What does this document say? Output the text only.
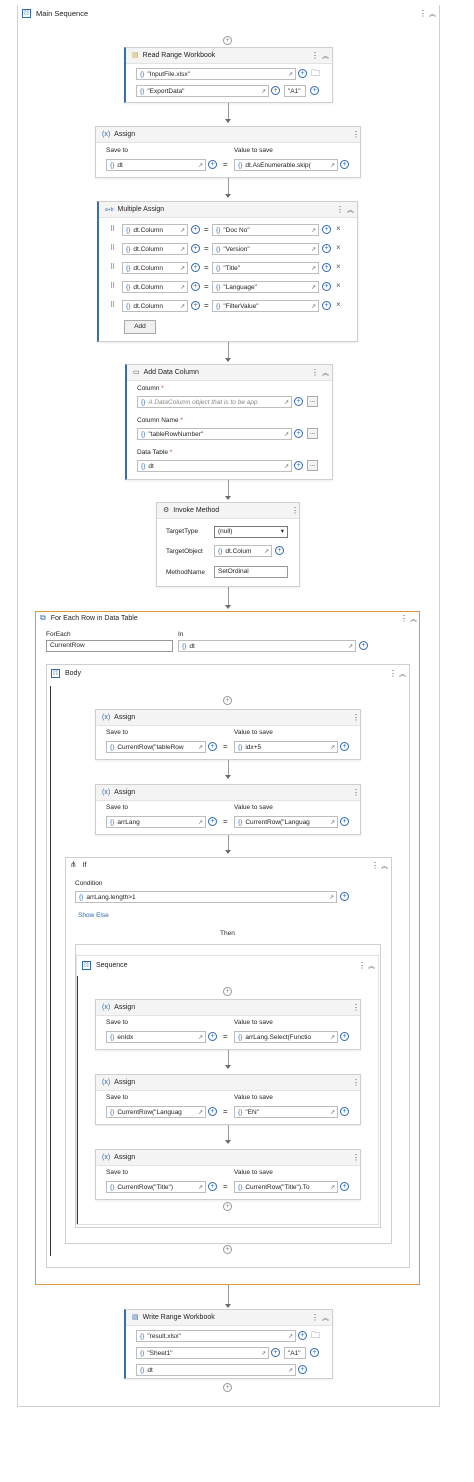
[:] Main Sequence	⋮ ︽
+
▤ Read Range Workbook	⋮ ︽
{} "InputFile.xlsx"	↗	+ 🗀
{} "ExportData"	↗	+	"A1"	+
(x) Assign	⋮
Save to	Value to save
{} dt	↗	+	= {} dt.AsEnumerable.skip(	↗	+
a+b Multiple Assign	⋮ ︽
⠿ {} dt.Column	↗	+ = {} "Doc No"	↗	+ ×
⠿ {} dt.Column	↗	+ = {} "Version"	↗	+ ×
⠿ {} dt.Column	↗	+ = {} "Title"	↗	+ ×
⠿ {} dt.Column	↗	+ = {} "Language"	↗	+ ×
⠿ {} dt.Column	↗	+ = {} "FilterValue"	↗	+ ×
Add
▭ Add Data Column	⋮ ︽
Column *
{} A DataColumn object that is to be app	↗	+	...
Column Name *
{} "tableRowNumber"	↗	+	...
Data Table *
{} dt	↗	+	...
⚙ Invoke Method	⋮
TargetType	(null)	▾
TargetObject {} dt.Colum	↗	+
MethodName	SetOrdinal
⧉ For Each Row in Data Table	⋮ ︽
ForEach
CurrentRow
In
{} dt	↗	+
[:]	Body	⋮ ︽
+
(x) Assign	⋮
Save to	Value to save
{} CurrentRow("tableRow	↗	+	= {} idx+5	↗	+
(x) Assign	⋮
Save to	Value to save
{} arrLang	↗	+	= {} CurrentRow("Languag	↗	+
⋔ If	⋮ ︽
Condition
{} arrLang.length>1	↗	+
Show Else
Then
[:]	Sequence	⋮ ︽
+
(x) Assign	⋮
Save to	Value to save
{} enIdx	↗	+	= {} arrLang.Select(Functio	↗	+
(x) Assign	⋮
Save to	Value to save
{} CurrentRow("Languag	↗	+	= {} "EN"	↗	+
(x) Assign	⋮
Save to	Value to save
{} CurrentRow("Title")	↗	+	= {} CurrentRow("Title").To	↗	+
+
+
▤ Write Range Workbook	⋮ ︽
{} "result.xlsx"	↗	+ 🗀
{} "Sheet1"	↗	+	"A1"	+
{} dt	↗	+
+
